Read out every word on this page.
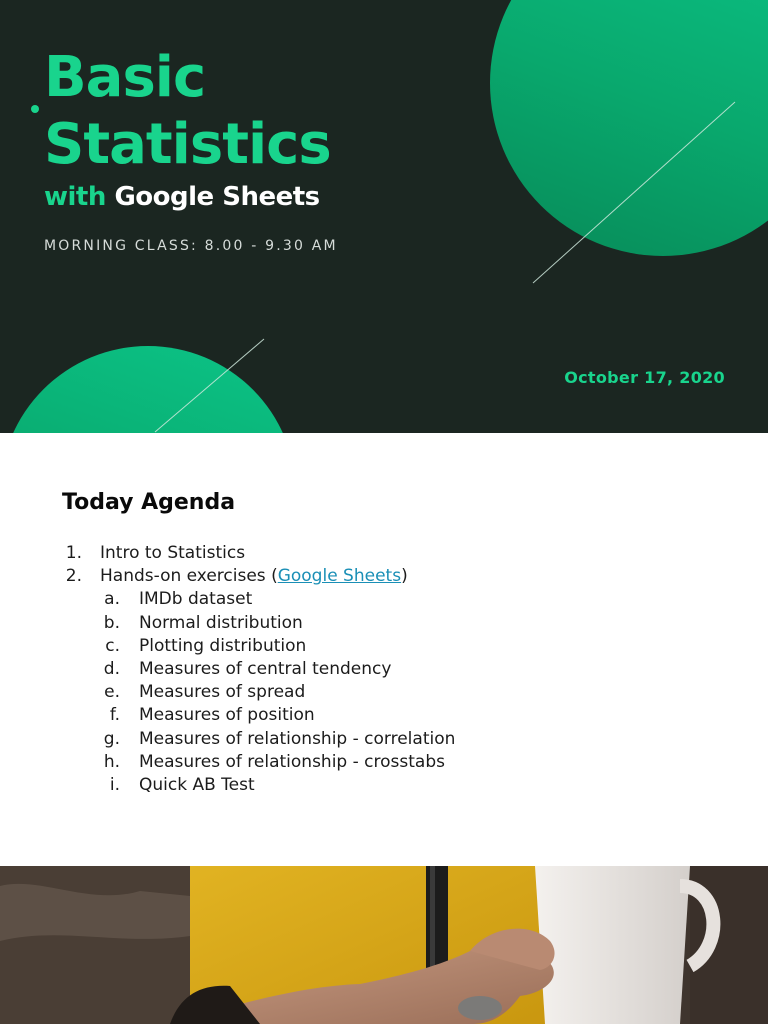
Basic
Statistics
with Google Sheets
MORNING CLASS: 8.00 - 9.30 AM
October 17, 2020
Today Agenda
1. Intro to Statistics
2. Hands-on exercises (Google Sheets)
a. IMDb dataset
b. Normal distribution
c. Plotting distribution
d. Measures of central tendency
e. Measures of spread
f. Measures of position
g. Measures of relationship - correlation
h. Measures of relationship - crosstabs
i. Quick AB Test
